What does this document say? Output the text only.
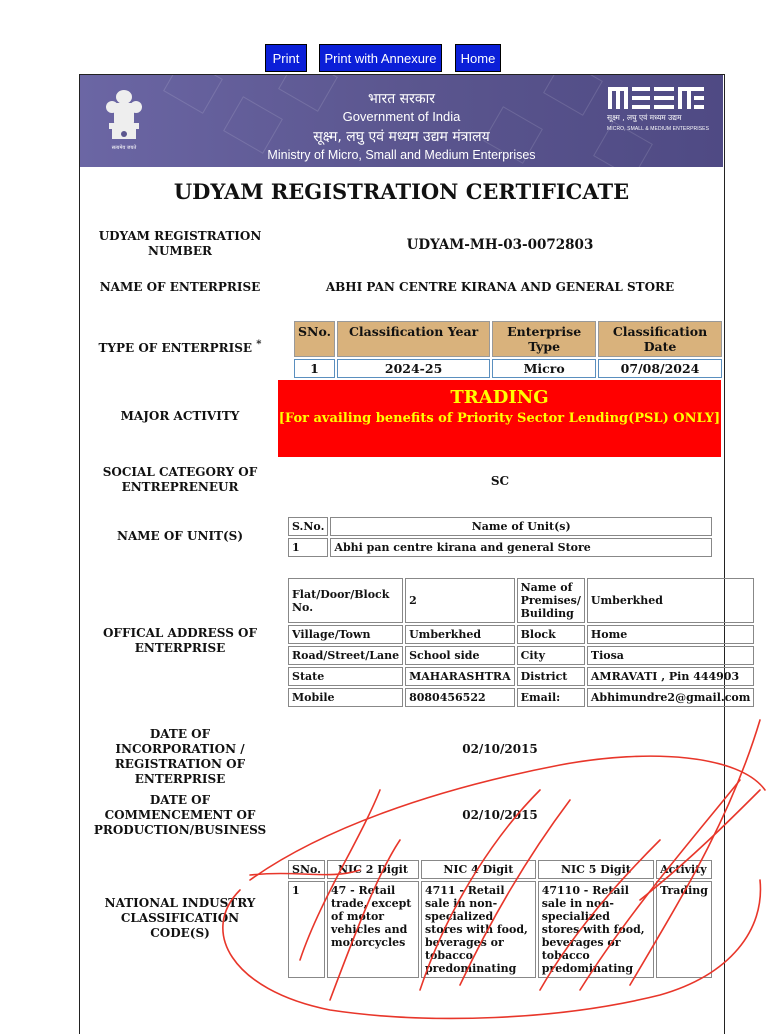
Print	Print with Annexure	Home
सत्यमेव जयते
भारत सरकार
Government of India
सूक्ष्म, लघु एवं मध्यम उद्यम मंत्रालय
Ministry of Micro, Small and Medium Enterprises
सूक्ष्म , लघु एवं मध्यम उद्यम
MICRO, SMALL & MEDIUM ENTERPRISES
UDYAM REGISTRATION CERTIFICATE
UDYAM REGISTRATION NUMBER	UDYAM-MH-03-0072803
NAME OF ENTERPRISE	ABHI PAN CENTRE KIRANA AND GENERAL STORE
TYPE OF ENTERPRISE *
SNo.	Classification Year	Enterprise Type	Classification Date
1	2024-25	Micro	07/08/2024
MAJOR ACTIVITY
TRADING
[For availing benefits of Priority Sector Lending(PSL) ONLY]
SOCIAL CATEGORY OF ENTREPRENEUR	SC
NAME OF UNIT(S)
S.No.	Name of Unit(s)
1	Abhi pan centre kirana and general Store
OFFICAL ADDRESS OF ENTERPRISE
Flat/Door/Block No.	2	Name of Premises/ Building	Umberkhed
Village/Town	Umberkhed	Block	Home
Road/Street/Lane	School side	City	Tiosa
State	MAHARASHTRA	District	AMRAVATI , Pin 444903
Mobile	8080456522	Email:	Abhimundre2@gmail.com
DATE OF INCORPORATION / REGISTRATION OF ENTERPRISE
02/10/2015
DATE OF COMMENCEMENT OF PRODUCTION/BUSINESS
02/10/2015
NATIONAL INDUSTRY CLASSIFICATION CODE(S)
SNo.	NIC 2 Digit	NIC 4 Digit	NIC 5 Digit	Activity
1	47 - Retail trade, except of motor vehicles and motorcycles	4711 - Retail sale in non-specialized stores with food, beverages or tobacco predominating	47110 - Retail sale in non-specialized stores with food, beverages or tobacco predominating	Trading
